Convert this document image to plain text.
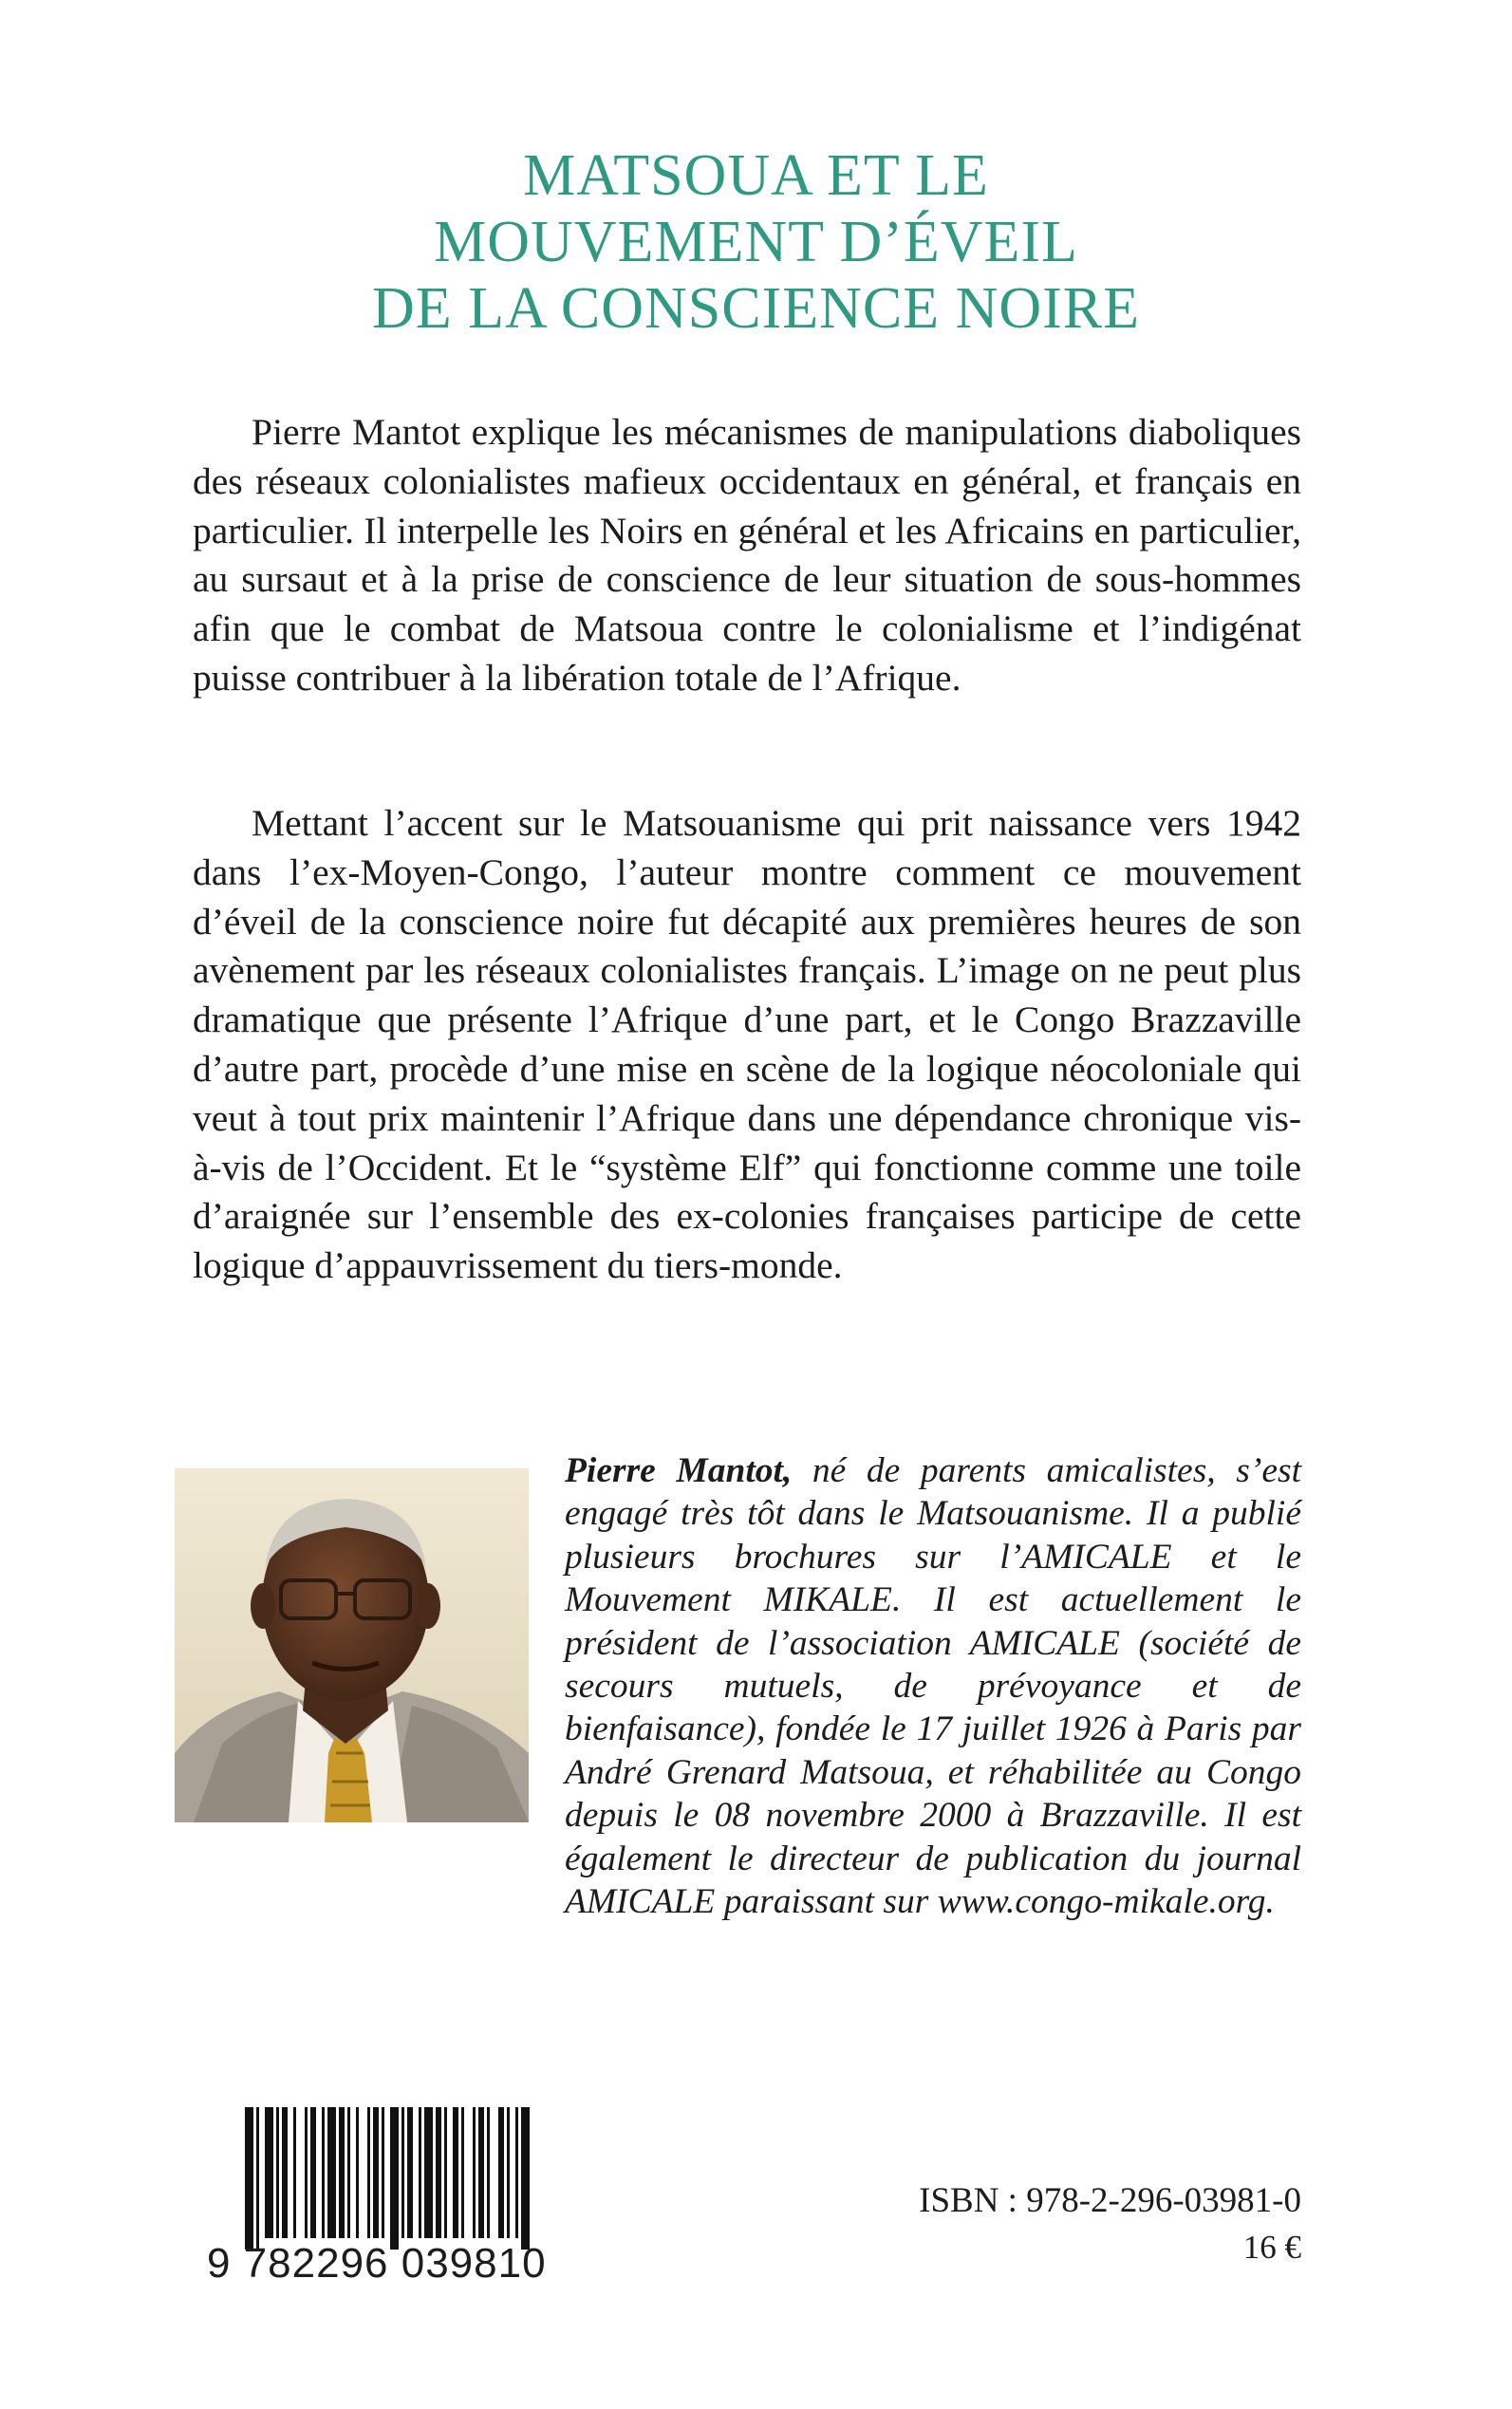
MATSOUA ET LE
MOUVEMENT D’ÉVEIL
DE LA CONSCIENCE NOIRE

Pierre Mantot explique les mécanismes de manipulations diaboliques des réseaux colonialistes mafieux occidentaux en général, et français en particulier. Il interpelle les Noirs en général et les Africains en particulier, au sursaut et à la prise de conscience de leur situation de sous-hommes afin que le combat de Matsoua contre le colonialisme et l’indigénat puisse contribuer à la libération totale de l’Afrique.

Mettant l’accent sur le Matsouanisme qui prit naissance vers 1942 dans l’ex-Moyen-Congo, l’auteur montre comment ce mouvement d’éveil de la conscience noire fut décapité aux premières heures de son avènement par les réseaux colonialistes français. L’image on ne peut plus dramatique que présente l’Afrique d’une part, et le Congo Brazzaville d’autre part, procède d’une mise en scène de la logique néocoloniale qui veut à tout prix maintenir l’Afrique dans une dépendance chronique vis-à-vis de l’Occident. Et le “système Elf” qui fonctionne comme une toile d’araignée sur l’ensemble des ex-colonies françaises participe de cette logique d’appauvrissement du tiers-monde.

Pierre Mantot, né de parents amicalistes, s’est engagé très tôt dans le Matsouanisme. Il a publié plusieurs brochures sur l’AMICALE et le Mouvement MIKALE. Il est actuellement le président de l’association AMICALE (société de secours mutuels, de prévoyance et de bienfaisance), fondée le 17 juillet 1926 à Paris par André Grenard Matsoua, et réhabilitée au Congo depuis le 08 novembre 2000 à Brazzaville. Il est également le directeur de publication du journal AMICALE paraissant sur www.congo-mikale.org.

9 782296 039810
ISBN : 978-2-296-03981-0
16 €
